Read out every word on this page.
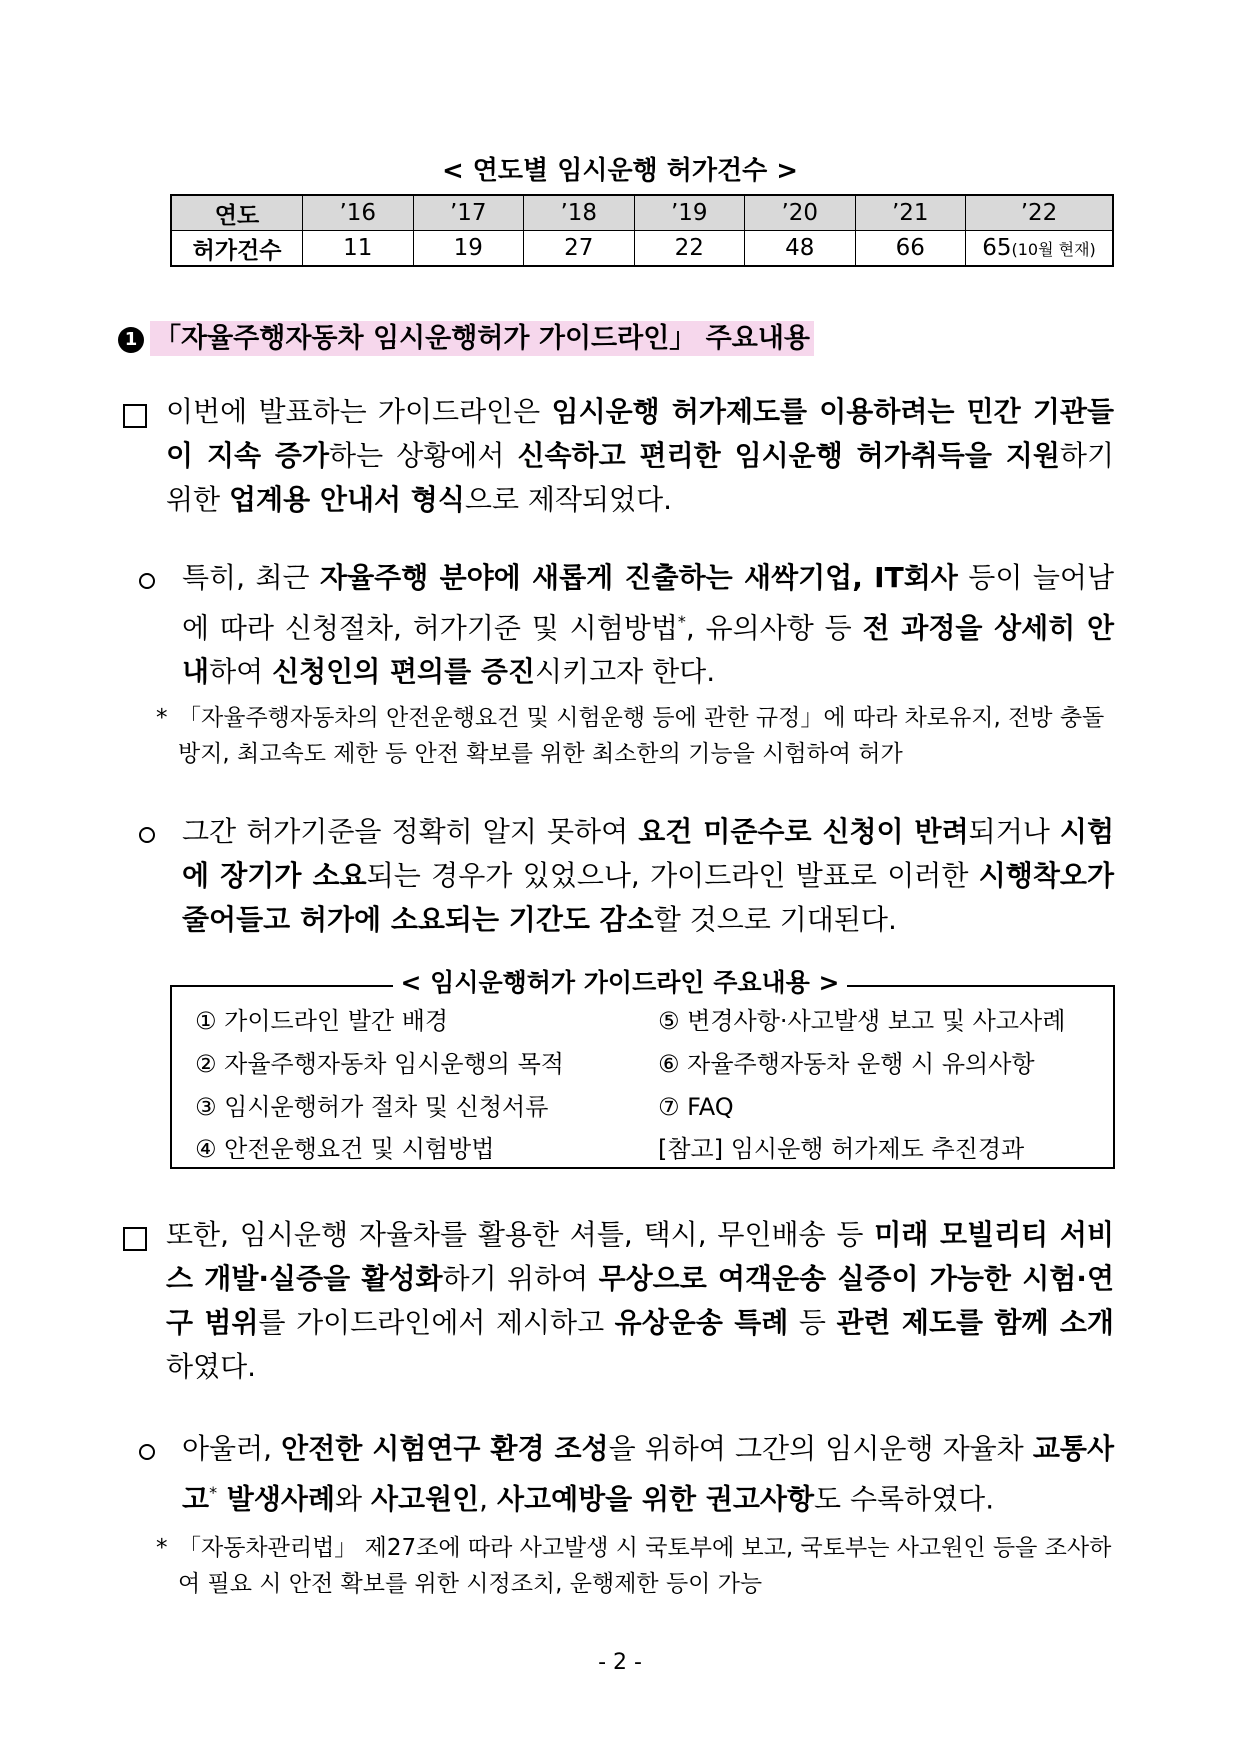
< 연도별 임시운행 허가건수 >
연도	’16	’17	’18	’19	’20	’21	’22
허가건수	11	19	27	22	48	66	65(10월 현재)
1 「자율주행자동차 임시운행허가 가이드라인」 주요내용
이번에 발표하는 가이드라인은 임시운행 허가제도를 이용하려는 민간 기관들이 지속 증가하는 상황에서 신속하고 편리한 임시운행 허가취득을 지원하기 위한 업계용 안내서 형식으로 제작되었다.
특히, 최근 자율주행 분야에 새롭게 진출하는 새싹기업, IT회사 등이 늘어남에 따라 신청절차, 허가기준 및 시험방법*, 유의사항 등 전 과정을 상세히 안내하여 신청인의 편의를 증진시키고자 한다.
* 「자율주행자동차의 안전운행요건 및 시험운행 등에 관한 규정」에 따라 차로유지, 전방 충돌방지, 최고속도 제한 등 안전 확보를 위한 최소한의 기능을 시험하여 허가
그간 허가기준을 정확히 알지 못하여 요건 미준수로 신청이 반려되거나 시험에 장기가 소요되는 경우가 있었으나, 가이드라인 발표로 이러한 시행착오가 줄어들고 허가에 소요되는 기간도 감소할 것으로 기대된다.
< 임시운행허가 가이드라인 주요내용 >
① 가이드라인 발간 배경
② 자율주행자동차 임시운행의 목적
③ 임시운행허가 절차 및 신청서류
④ 안전운행요건 및 시험방법
⑤ 변경사항·사고발생 보고 및 사고사례
⑥ 자율주행자동차 운행 시 유의사항
⑦ FAQ
[참고] 임시운행 허가제도 추진경과
또한, 임시운행 자율차를 활용한 셔틀, 택시, 무인배송 등 미래 모빌리티 서비스 개발·실증을 활성화하기 위하여 무상으로 여객운송 실증이 가능한 시험·연구 범위를 가이드라인에서 제시하고 유상운송 특례 등 관련 제도를 함께 소개하였다.
아울러, 안전한 시험연구 환경 조성을 위하여 그간의 임시운행 자율차 교통사고* 발생사례와 사고원인, 사고예방을 위한 권고사항도 수록하였다.
* 「자동차관리법」 제27조에 따라 사고발생 시 국토부에 보고, 국토부는 사고원인 등을 조사하여 필요 시 안전 확보를 위한 시정조치, 운행제한 등이 가능
- 2 -
